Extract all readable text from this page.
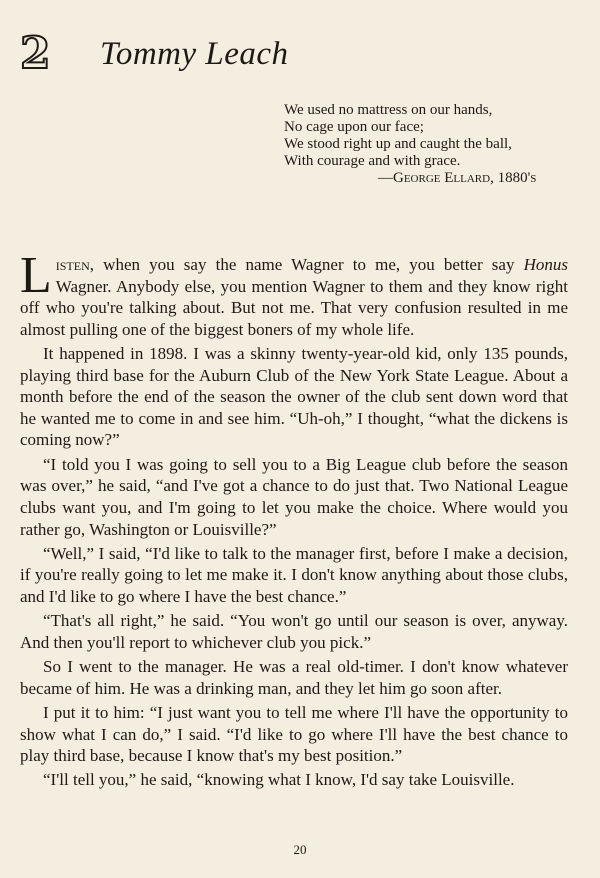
2 Tommy Leach
We used no mattress on our hands,
No cage upon our face;
We stood right up and caught the ball,
With courage and with grace.
—George Ellard, 1880's

Listen, when you say the name Wagner to me, you better say Honus Wagner. Anybody else, you mention Wagner to them and they know right off who you're talking about. But not me. That very confusion resulted in me almost pulling one of the biggest boners of my whole life.

It happened in 1898. I was a skinny twenty-year-old kid, only 135 pounds, playing third base for the Auburn Club of the New York State League. About a month before the end of the season the owner of the club sent down word that he wanted me to come in and see him. “Uh-oh,” I thought, “what the dickens is coming now?”

“I told you I was going to sell you to a Big League club before the season was over,” he said, “and I've got a chance to do just that. Two National League clubs want you, and I'm going to let you make the choice. Where would you rather go, Washington or Louisville?”

“Well,” I said, “I'd like to talk to the manager first, before I make a decision, if you're really going to let me make it. I don't know anything about those clubs, and I'd like to go where I have the best chance.”

“That's all right,” he said. “You won't go until our season is over, anyway. And then you'll report to whichever club you pick.”

So I went to the manager. He was a real old-timer. I don't know whatever became of him. He was a drinking man, and they let him go soon after.

I put it to him: “I just want you to tell me where I'll have the opportunity to show what I can do,” I said. “I'd like to go where I'll have the best chance to play third base, because I know that's my best position.”

“I'll tell you,” he said, “knowing what I know, I'd say take Louisville.

20
